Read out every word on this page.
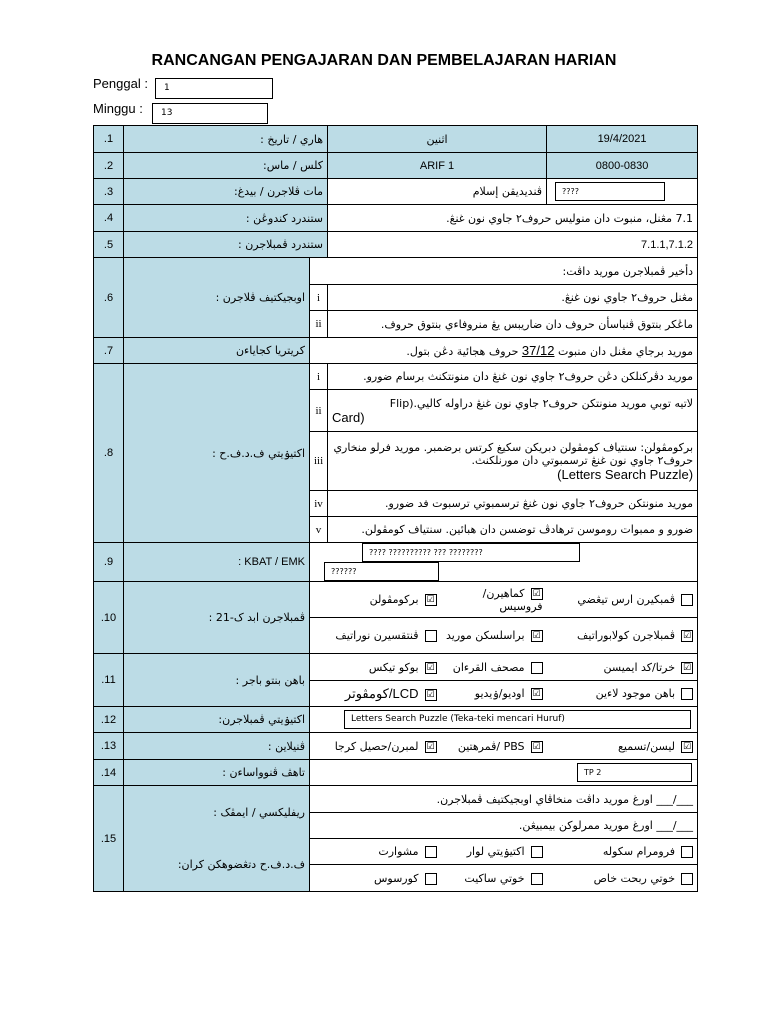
RANCANGAN PENGAJARAN DAN PEMBELAJARAN HARIAN
Penggal :	1
Minggu :	13
.1	هاري / تاريخ :		اثنين		19/4/2021
.2	کلس / ماس:		ARIF 1		0800-0830
.3	مات ڤلاجرن / بيدغ:		ڤنديديقن إسلام		????
.4	ستندرد کندوڠن :		7.1 مڠنل، منبوت دان منوليس حروف٢ جاوي نون غنڠ.		
.5	ستندرد ڤمبلاجرن :		7.1.1,7.1.2		
.6	اوبجيکتيف ڤلاجرن :	دأخير ڤمبلاجرن موريد داڤت:			
		i	مڠنل حروف٢ جاوي نون غنڠ.		
		ii	ماڠکر بنتوق ڤنباسأن حروف دان ضاريبس يڠ منروفاءي بنتوق حروف.		
.7	کريتريا کجاياءن	موريد برجاي مڠنل دان منبوت 37/12 حروف هجائية دڠن بتول.			
.8	اکتيۏيتي ف.د.ف.ح :	i	موريد دڤرکنلکن دڠن حروف٢ جاوي نون غنڠ دان منونتکنث برسام ضورو.		
		ii	لاتيه توبي موريد منونتکن حروف٢ جاوي نون غنڠ دراوله کاليي.(Flip
(Card		

		iii	برکومڤولن: سنتياف کومڤولن دبريکن سکيغ کرتس برضمبر. موريد فرلو منخاري حروف٢ جاوي نون غنڠ ترسمبوتي دان مورنلکنث.
(Letters Search Puzzle)		

		iv	موريد منونتکن حروف٢ جاوي نون غنڠ ترسمبوتي ترسبوت فد ضورو.		
		v	ضورو و ممبوات روموسن ترهادڤ توضسن دان هبائين. سنتياف کومڤولن.		
.9	KBAT / EMK :	???? ?????????? ??? ???????? ??????			
.10	ڤمبلاجرن ابد ک-21 :	☑برکومڤولن		☑کماهيرن/ فروسيس	ڤمبکيرن ارس تيڠضي
		ڤنتقسيرن نوراتيف		☑براسلسکن موريد	☑ڤمبلاجرن کولابوراتيف
.11	باهن بنتو باجر :	☑بوکو تيکس		مصحف القرءان	☑خرتا/کد ايميسن
		☑LCD/کومڤوتر		☑اوديو/ۏيديو	باهن موجود لاءين
.12	اکتيۏيتي ڤمبلاجرن:	Letters Search Puzzle (Teka-teki mencari Huruf)			
.13	ڤنيلاين :	☑لمبرن/حصيل کرجا		☑PBS /ڤمرهتين	☑ليسن/تسميع
.14	تاهڤ ڤنوواساءن :	TP 2			
.15	ريفليکسي / ايمڤک :	___/___ اورغ موريد داڤت منخاڤاي اوبجيکتيف ڤمبلاجرن.			
		___/___ اورغ موريد ممرلوکن بيمبيڠن.			
	ف.د.ف.ح دتڠضوهکن کران:	مشوارت		اکتيۏيتي لوار	فرومرام سکوله
		کورسوس		خوتي ساکيت	خوتي ربحت خاص
